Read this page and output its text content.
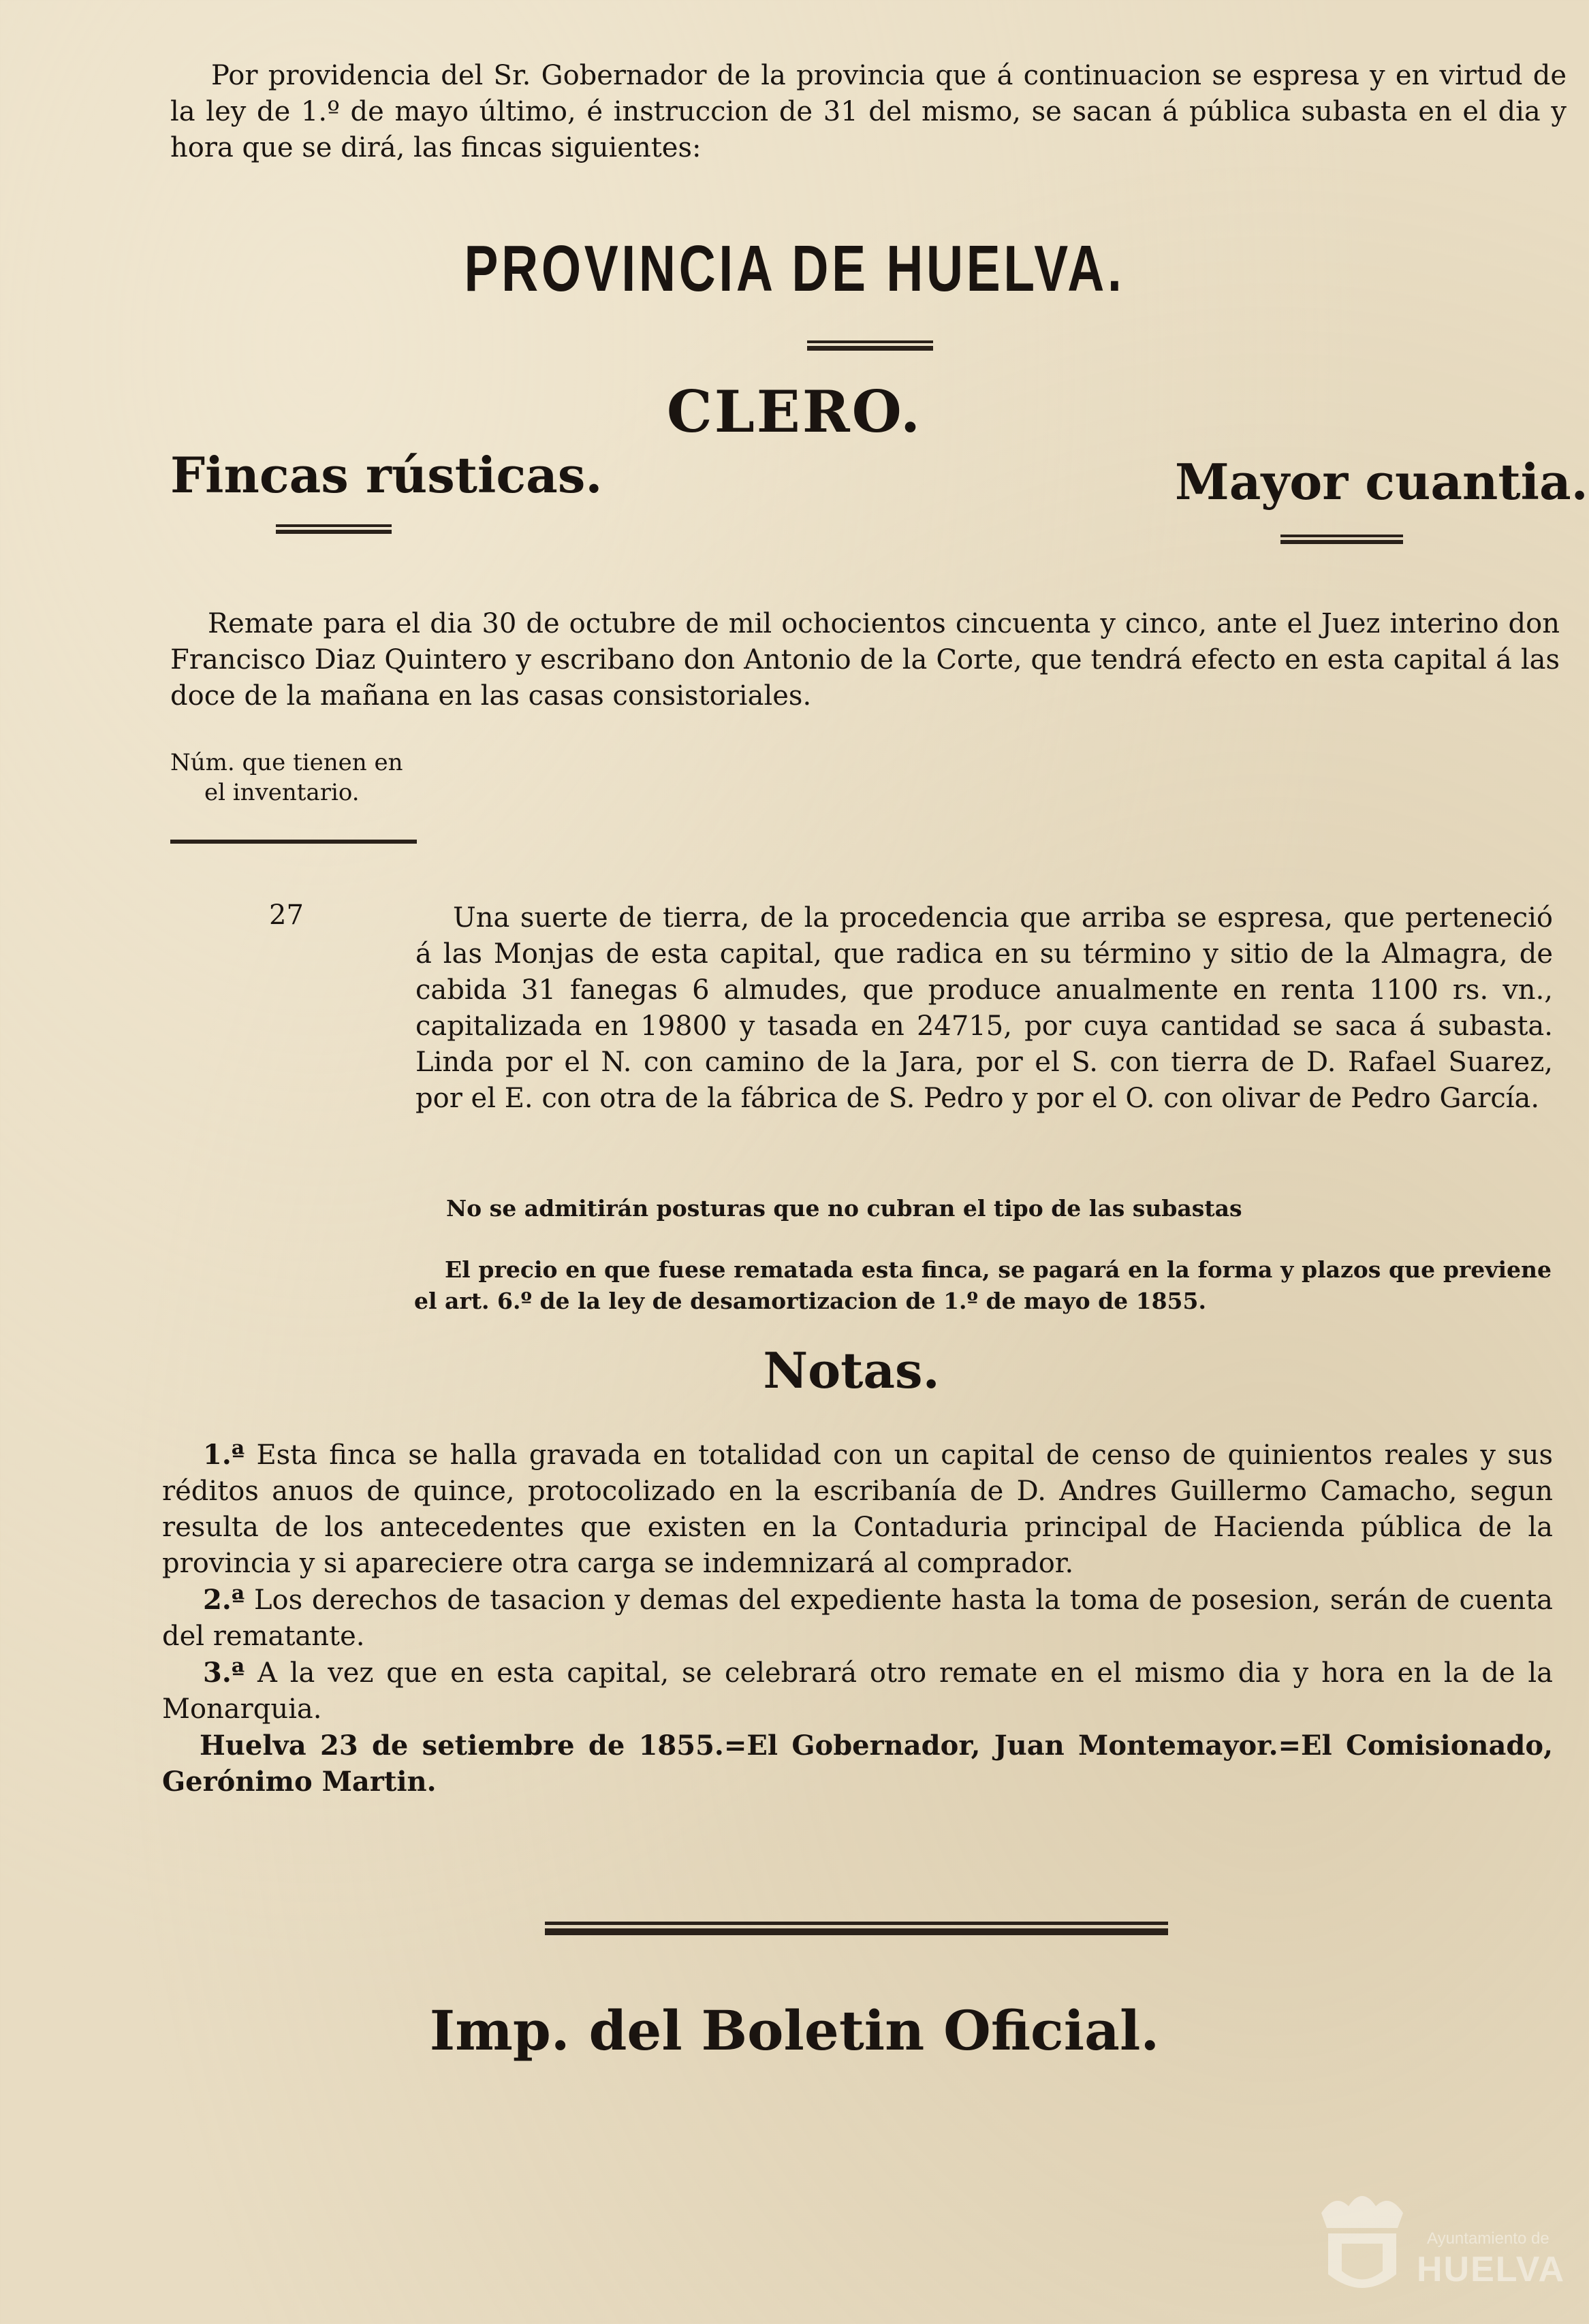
Por providencia del Sr. Gobernador de la provincia que á continuacion se espresa y en virtud de la ley de 1.º de mayo último, é instruccion de 31 del mismo, se sacan á pública subasta en el dia y hora que se dirá, las fincas siguientes:
PROVINCIA DE HUELVA.
CLERO.
Fincas rústicas.	Mayor cuantia.
Remate para el dia 30 de octubre de mil ochocientos cincuenta y cinco, ante el Juez interino don Francisco Diaz Quintero y escribano don Antonio de la Corte, que tendrá efecto en esta capital á las doce de la mañana en las casas consistoriales.
Núm. que tienen en
el inventario.
27	Una suerte de tierra, de la procedencia que arriba se espresa, que perteneció á las Monjas de esta capital, que radica en su término y sitio de la Almagra, de cabida 31 fanegas 6 almudes, que produce anualmente en renta 1100 rs. vn., capitalizada en 19800 y tasada en 24715, por cuya cantidad se saca á subasta. Linda por el N. con camino de la Jara, por el S. con tierra de D. Rafael Suarez, por el E. con otra de la fábrica de S. Pedro y por el O. con olivar de Pedro García.
No se admitirán posturas que no cubran el tipo de las subastas
El precio en que fuese rematada esta finca, se pagará en la forma y plazos que previene el art. 6.º de la ley de desamortizacion de 1.º de mayo de 1855.
Notas.
1.ª Esta finca se halla gravada en totalidad con un capital de censo de quinientos reales y sus réditos anuos de quince, protocolizado en la escribanía de D. Andres Guillermo Camacho, segun resulta de los antecedentes que existen en la Contaduria principal de Hacienda pública de la provincia y si apareciere otra carga se indemnizará al comprador.
2.ª Los derechos de tasacion y demas del expediente hasta la toma de posesion, serán de cuenta del rematante.
3.ª A la vez que en esta capital, se celebrará otro remate en el mismo dia y hora en la de la Monarquia.
Huelva 23 de setiembre de 1855.=El Gobernador, Juan Montemayor.=El Comisionado, Gerónimo Martin.
Imp. del Boletin Oficial.
Ayuntamiento de
HUELVA
